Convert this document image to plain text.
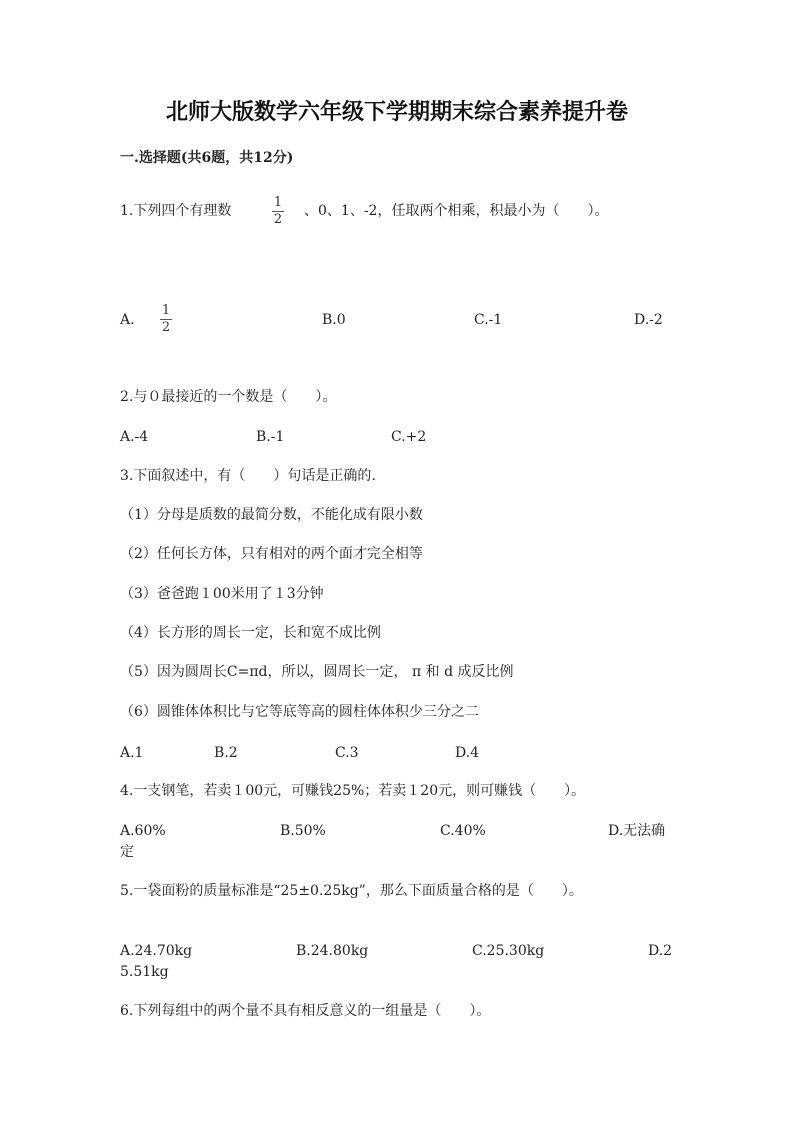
北师大版数学六年级下学期期末综合素养提升卷
一.选择题(共6题，共12分)
1.下列四个有理数
1
2
、0、1、-2，任取两个相乘，积最小为（　　）。
A.
1
2	B.0	C.-1	D.-2
2.与０最接近的一个数是（　　）。
A.-4	B.-1	C.+2
3.下面叙述中，有（　　）句话是正确的.
（1）分母是质数的最简分数，不能化成有限小数
（2）任何长方体，只有相对的两个面才完全相等
（3）爸爸跑１00米用了１3分钟
（4）长方形的周长一定，长和宽不成比例
（5）因为圆周长C=πd，所以，圆周长一定， π 和 d 成反比例
（6）圆锥体体积比与它等底等高的圆柱体体积少三分之二
A.1	B.2	C.3	D.4
4.一支钢笔，若卖１00元，可赚钱25%；若卖１20元，则可赚钱（　　）。
A.60%	B.50%	C.40%	D.无法确
定
5.一袋面粉的质量标准是“25±0.25kg”，那么下面质量合格的是（　　）。
A.24.70kg	B.24.80kg	C.25.30kg	D.2
5.51kg
6.下列每组中的两个量不具有相反意义的一组量是（　　）。
